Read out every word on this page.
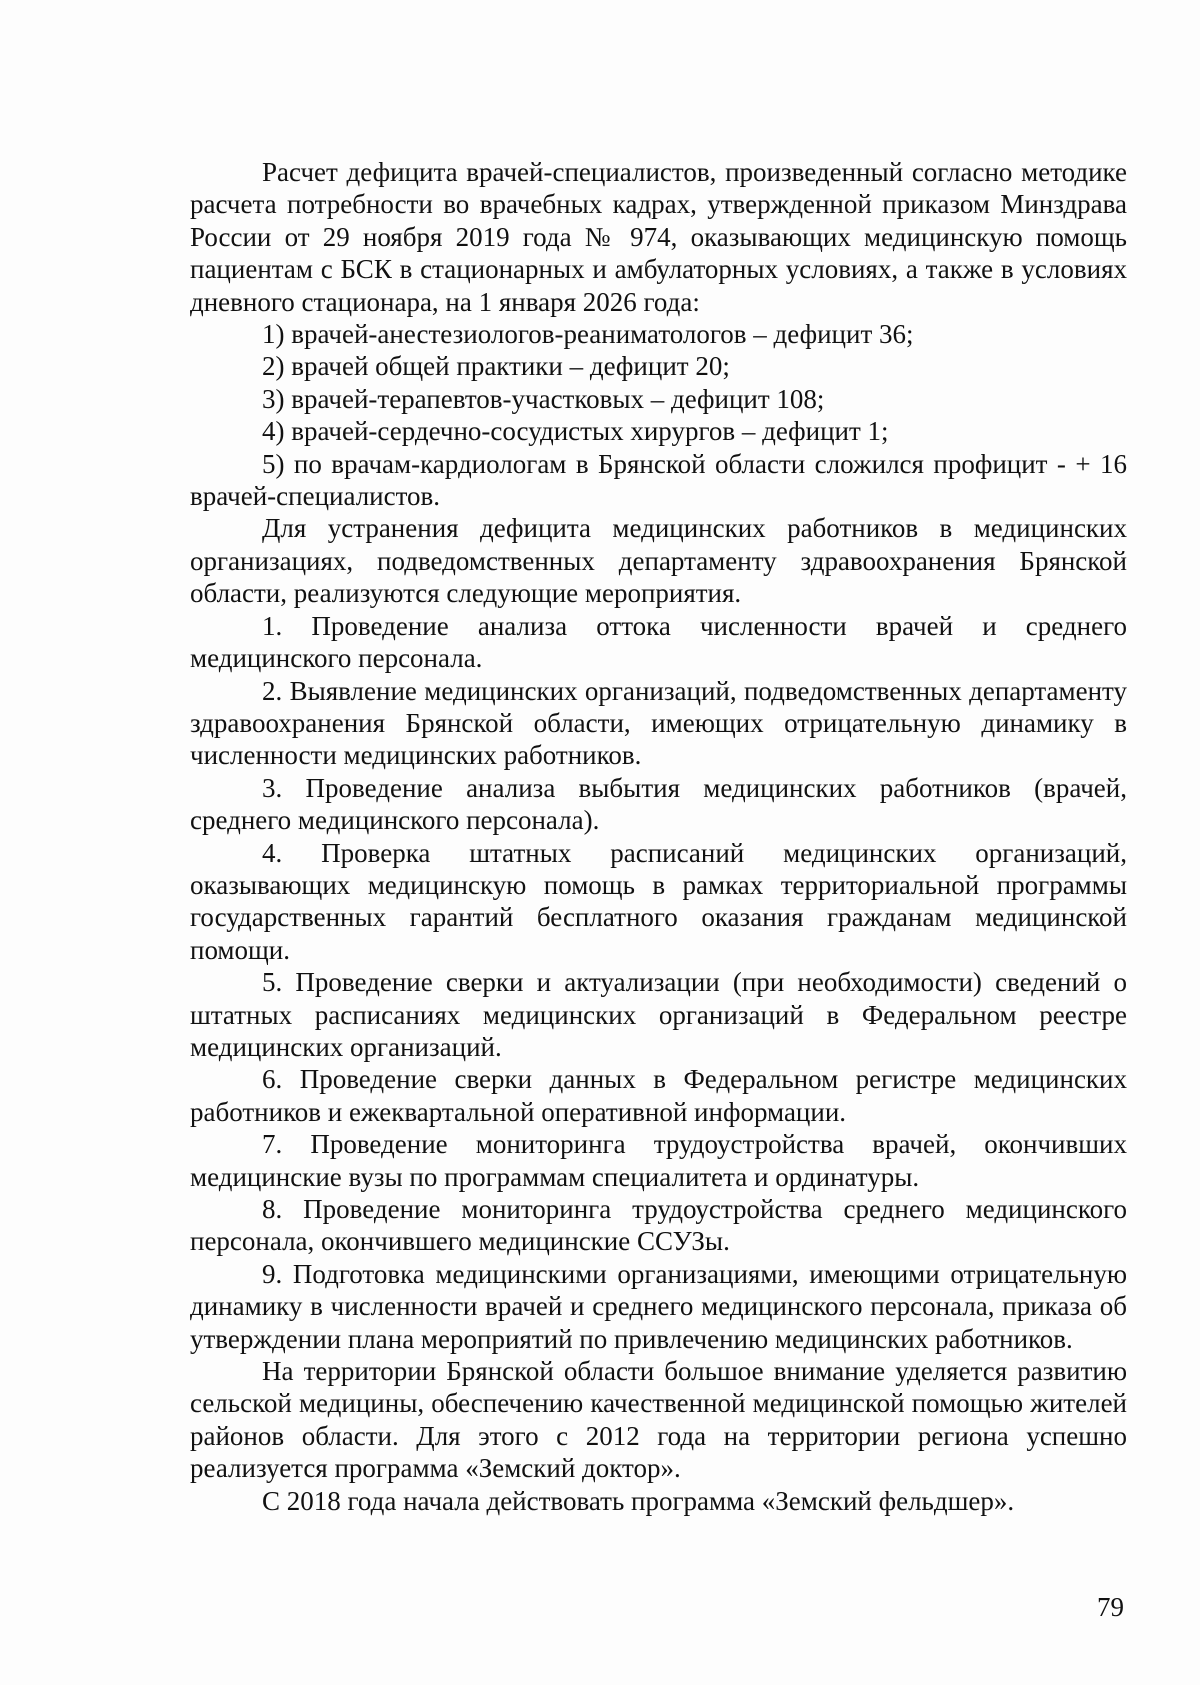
Расчет дефицита врачей-специалистов, произведенный согласно методике расчета потребности во врачебных кадрах, утвержденной приказом Минздрава России от 29 ноября 2019 года № 974, оказывающих медицинскую помощь пациентам с БСК в стационарных и амбулаторных условиях, а также в условиях дневного стационара, на 1 января 2026 года:

1) врачей-анестезиологов-реаниматологов – дефицит 36;

2) врачей общей практики – дефицит 20;

3) врачей-терапевтов-участковых – дефицит 108;

4) врачей-сердечно-сосудистых хирургов – дефицит 1;

5) по врачам-кардиологам в Брянской области сложился профицит - + 16 врачей-специалистов.

Для устранения дефицита медицинских работников в медицинских организациях, подведомственных департаменту здравоохранения Брянской области, реализуются следующие мероприятия.

1. Проведение анализа оттока численности врачей и среднего медицинского персонала.

2. Выявление медицинских организаций, подведомственных департаменту здравоохранения Брянской области, имеющих отрицательную динамику в численности медицинских работников.

3. Проведение анализа выбытия медицинских работников (врачей, среднего медицинского персонала).

4. Проверка штатных расписаний медицинских организаций, оказывающих медицинскую помощь в рамках территориальной программы государственных гарантий бесплатного оказания гражданам медицинской помощи.

5. Проведение сверки и актуализации (при необходимости) сведений о штатных расписаниях медицинских организаций в Федеральном реестре медицинских организаций.

6. Проведение сверки данных в Федеральном регистре медицинских работников и ежеквартальной оперативной информации.

7. Проведение мониторинга трудоустройства врачей, окончивших медицинские вузы по программам специалитета и ординатуры.

8. Проведение мониторинга трудоустройства среднего медицинского персонала, окончившего медицинские ССУЗы.

9. Подготовка медицинскими организациями, имеющими отрицательную динамику в численности врачей и среднего медицинского персонала, приказа об утверждении плана мероприятий по привлечению медицинских работников.

На территории Брянской области большое внимание уделяется развитию сельской медицины, обеспечению качественной медицинской помощью жителей районов области. Для этого с 2012 года на территории региона успешно реализуется программа «Земский доктор».

С 2018 года начала действовать программа «Земский фельдшер».

79
